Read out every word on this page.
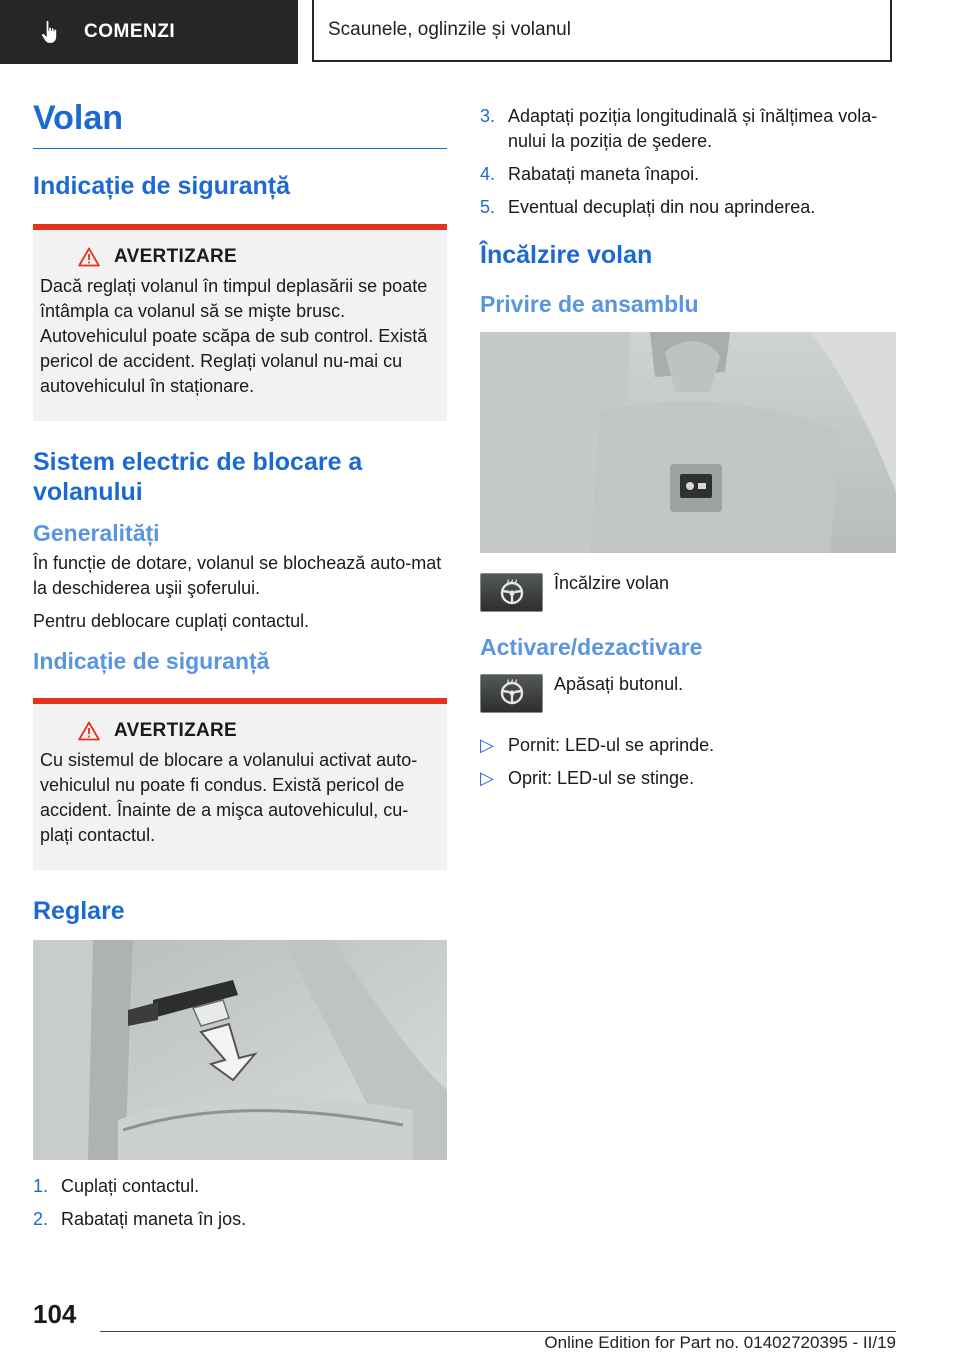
COMENZI	Scaunele, oglinzile și volanul
Volan
Indicație de siguranță
AVERTIZARE

Dacă reglați volanul în timpul deplasării se poate întâmpla ca volanul să se mişte brusc. Autovehiculul poate scăpa de sub control. Există pericol de accident. Reglați volanul nu‐mai cu autovehiculul în staționare.

Sistem electric de blocare a volanului
Generalități

În funcție de dotare, volanul se blochează auto‐mat la deschiderea uşii şoferului.

Pentru deblocare cuplați contactul.

Indicație de siguranță
AVERTIZARE

Cu sistemul de blocare a volanului activat auto‐vehiculul nu poate fi condus. Există pericol de accident. Înainte de a mişca autovehiculul, cu‐plați contactul.

Reglare
1. Cuplați contactul.
2. Rabatați maneta în jos.
3. Adaptați poziția longitudinală și înălțimea vola‐nului la poziția de şedere.
4. Rabatați maneta înapoi.
5. Eventual decuplați din nou aprinderea.
Încălzire volan
Privire de ansamblu

Încălzire volan

Activare/dezactivare

Apăsați butonul.

▷ Pornit: LED-ul se aprinde.
▷ Oprit: LED-ul se stinge.
104
Online Edition for Part no. 01402720395 - II/19
